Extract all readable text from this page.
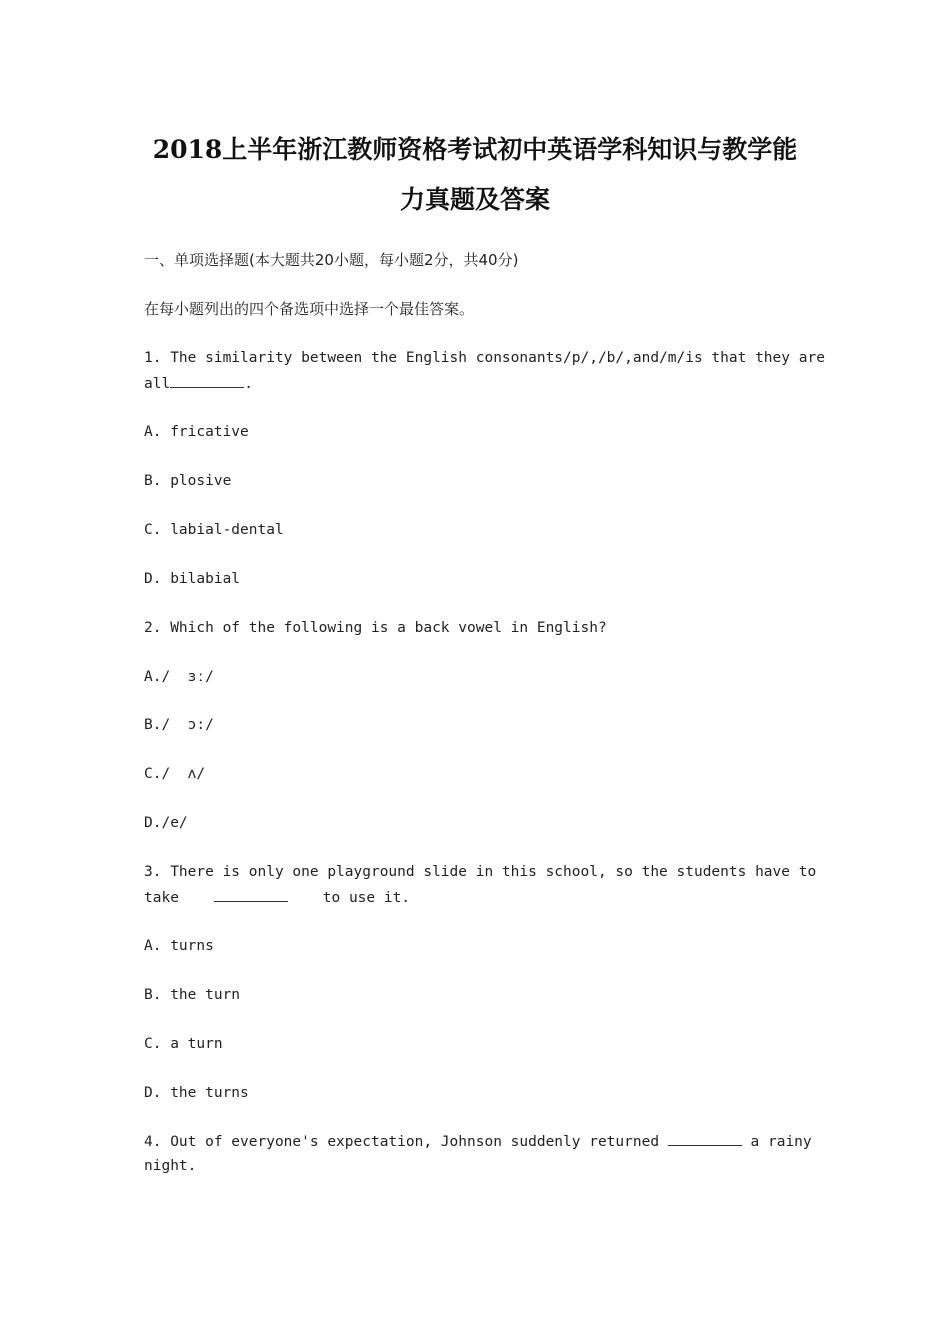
2018上半年浙江教师资格考试初中英语学科知识与教学能
力真题及答案
一、单项选择题(本大题共20小题，每小题2分，共40分)
在每小题列出的四个备选项中选择一个最佳答案。
1. The similarity between the English consonants/p/,/b/,and/m/is that they are
all	.
A. fricative
B. plosive
C. labial-dental
D. bilabial
2. Which of the following is a back vowel in English?
A./  ɜː/
B./  ɔ:/
C./  ʌ/
D./e/
3. There is only one playground slide in this school, so the students have to
take	to use it.
A. turns
B. the turn
C. a turn
D. the turns
4. Out of everyone's expectation, Johnson suddenly returned	a rainy
night.
